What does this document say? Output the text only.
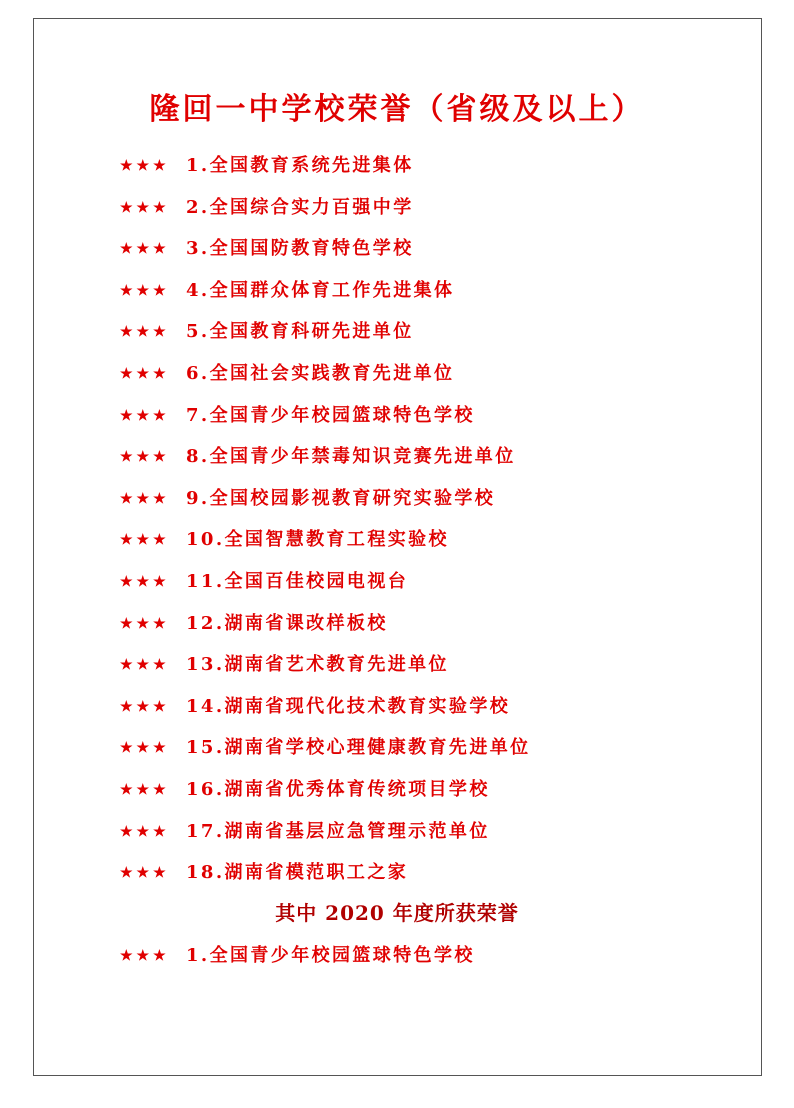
隆回一中学校荣誉（省级及以上）
★★★ 1.全国教育系统先进集体
★★★ 2.全国综合实力百强中学
★★★ 3.全国国防教育特色学校
★★★ 4.全国群众体育工作先进集体
★★★ 5.全国教育科研先进单位
★★★ 6.全国社会实践教育先进单位
★★★ 7.全国青少年校园篮球特色学校
★★★ 8.全国青少年禁毒知识竞赛先进单位
★★★ 9.全国校园影视教育研究实验学校
★★★ 10.全国智慧教育工程实验校
★★★ 11.全国百佳校园电视台
★★★ 12.湖南省课改样板校
★★★ 13.湖南省艺术教育先进单位
★★★ 14.湖南省现代化技术教育实验学校
★★★ 15.湖南省学校心理健康教育先进单位
★★★ 16.湖南省优秀体育传统项目学校
★★★ 17.湖南省基层应急管理示范单位
★★★ 18.湖南省模范职工之家
其中 2020 年度所获荣誉
★★★ 1.全国青少年校园篮球特色学校
